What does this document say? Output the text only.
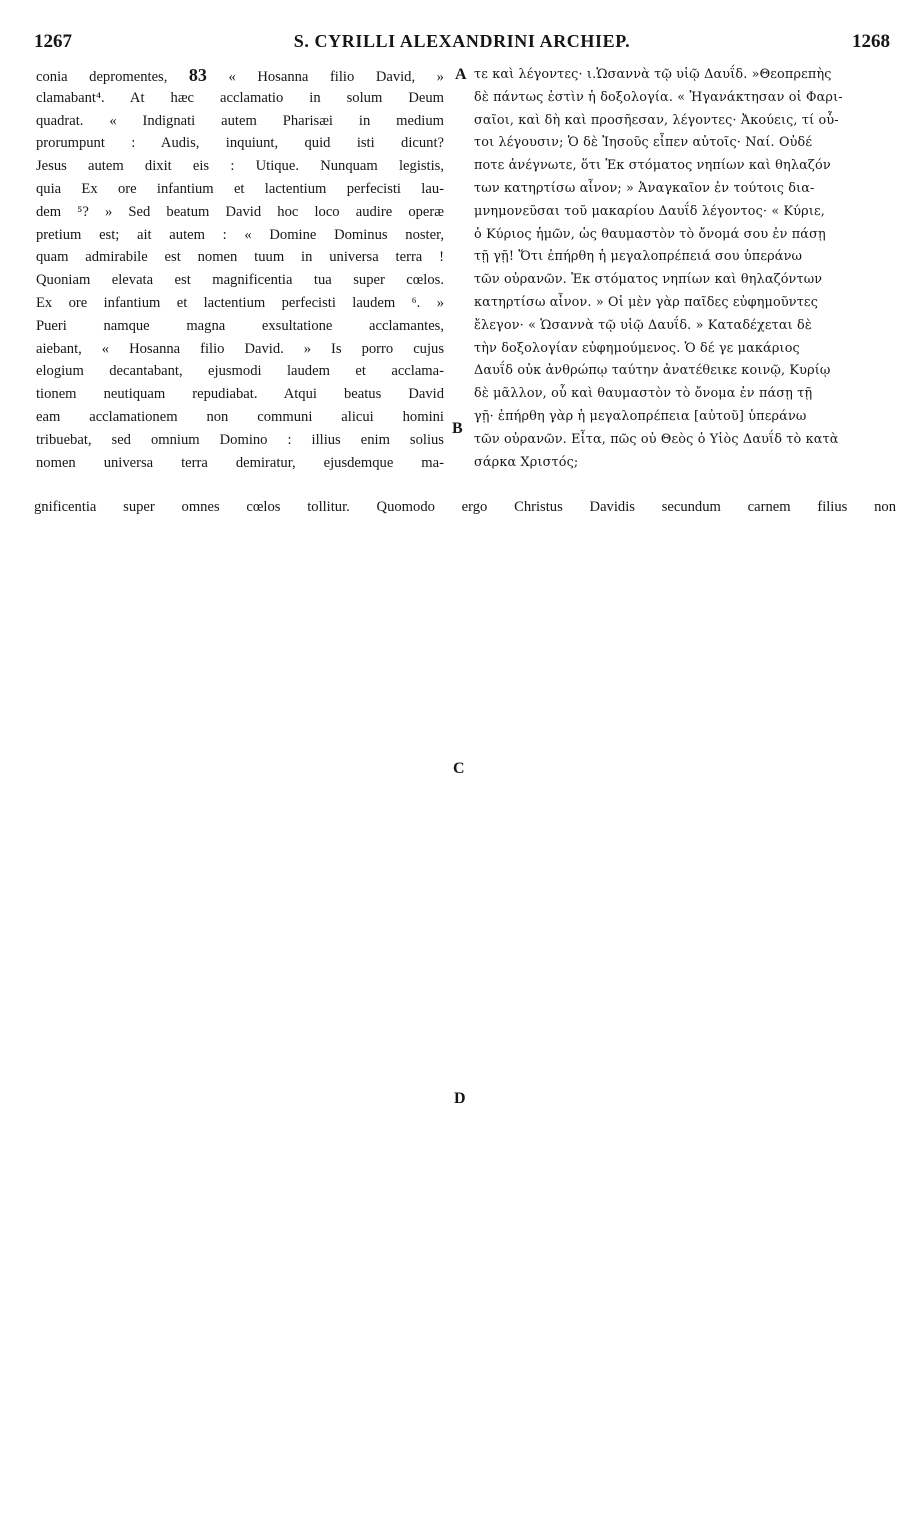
1267	S. CYRILLI ALEXANDRINI ARCHIEP.	1268
conia depromentes, 83 « Hosanna filio David, »
clamabant⁴. At hæc acclamatio in solum Deum
quadrat. « Indignati autem Pharisæi in medium
prorumpunt : Audis, inquiunt, quid isti dicunt?
Jesus autem dixit eis : Utique. Nunquam legistis,
quia Ex ore infantium et lactentium perfecisti lau-
dem ⁵? » Sed beatum David hoc loco audire operæ
pretium est; ait autem : « Domine Dominus noster,
quam admirabile est nomen tuum in universa terra !
Quoniam elevata est magnificentia tua super cœlos.
Ex ore infantium et lactentium perfecisti laudem ⁶. »
Pueri namque magna exsultatione acclamantes,
aiebant, « Hosanna filio David. » Is porro cujus
elogium decantabant, ejusmodi laudem et acclama-
tionem neutiquam repudiabat. Atqui beatus David
eam acclamationem non communi alicui homini
tribuebat, sed omnium Domino : illius enim solius
nomen universa terra demiratur, ejusdemque ma-
τε καὶ λέγοντες· ι.Ὡσαννὰ τῷ υἱῷ Δαυΐδ. »Θεοπρεπὴς
δὲ πάντως ἐστὶν ἡ δοξολογία. « Ἠγανάκτησαν οἱ Φαρι-
σαῖοι, καὶ δὴ καὶ προσῆεσαν, λέγοντες· Ἀκούεις, τί οὗ-
τοι λέγουσιν; Ὁ δὲ Ἰησοῦς εἶπεν αὐτοῖς· Ναί. Οὐδέ
ποτε ἀνέγνωτε, ὅτι Ἐκ στόματος νηπίων καὶ θηλαζόν
των κατηρτίσω αἶνον; » Ἀναγκαῖον ἐν τούτοις δια-
μνημονεῦσαι τοῦ μακαρίου Δαυΐδ λέγοντος· « Κύριε,
ὁ Κύριος ἡμῶν, ὡς θαυμαστὸν τὸ ὄνομά σου ἐν πάσῃ
τῇ γῇ! Ὅτι ἐπήρθη ἡ μεγαλοπρέπειά σου ὑπεράνω
τῶν οὐρανῶν. Ἐκ στόματος νηπίων καὶ θηλαζόντων
κατηρτίσω αἶνον. » Οἱ μὲν γὰρ παῖδες εὐφημοῦντες
ἔλεγον· « Ὡσαννὰ τῷ υἱῷ Δαυΐδ. » Καταδέχεται δὲ
τὴν δοξολογίαν εὐφημούμενος. Ὁ δέ γε μακάριος
Δαυΐδ οὐκ ἀνθρώπῳ ταύτην ἀνατέθεικε κοινῷ, Κυρίῳ
δὲ μᾶλλον, οὗ καὶ θαυμαστὸν τὸ ὄνομα ἐν πάσῃ τῇ
γῇ· ἐπήρθη γὰρ ἡ μεγαλοπρέπεια [αὐτοῦ] ὑπεράνω
τῶν οὐρανῶν. Εἶτα, πῶς οὐ Θεὸς ὁ Υἱὸς Δαυΐδ τὸ κατὰ
σάρκα Χριστός;
gnificentia super omnes cœlos tollitur. Quomodo ergo Christus Davidis secundum carnem filius non
A
B
C
D
